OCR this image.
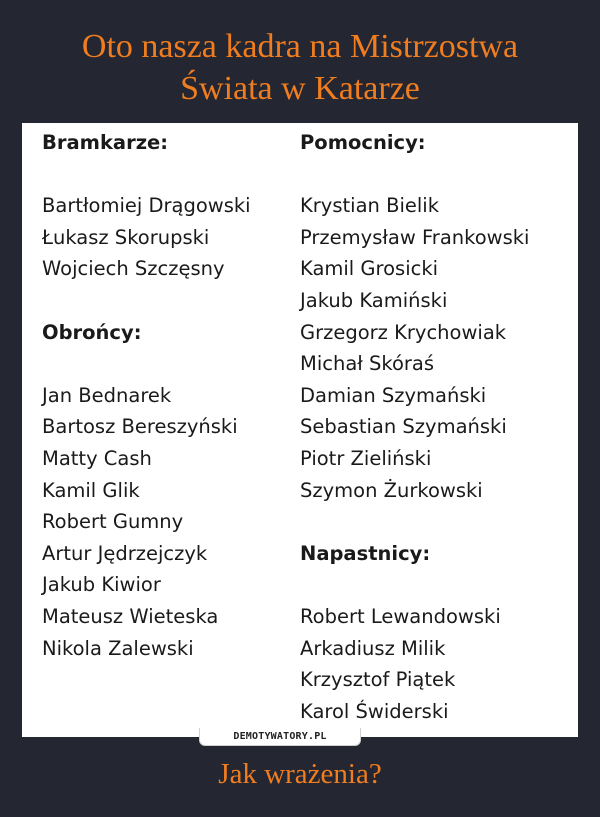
Oto nasza kadra na Mistrzostwa
Świata w Katarze
Bramkarze:
Bartłomiej Drągowski
Łukasz Skorupski
Wojciech Szczęsny
Obrońcy:
Jan Bednarek
Bartosz Bereszyński
Matty Cash
Kamil Glik
Robert Gumny
Artur Jędrzejczyk
Jakub Kiwior
Mateusz Wieteska
Nikola Zalewski
Pomocnicy:
Krystian Bielik
Przemysław Frankowski
Kamil Grosicki
Jakub Kamiński
Grzegorz Krychowiak
Michał Skóraś
Damian Szymański
Sebastian Szymański
Piotr Zieliński
Szymon Żurkowski
Napastnicy:
Robert Lewandowski
Arkadiusz Milik
Krzysztof Piątek
Karol Świderski
DEMOTYWATORY.PL

Jak wrażenia?
